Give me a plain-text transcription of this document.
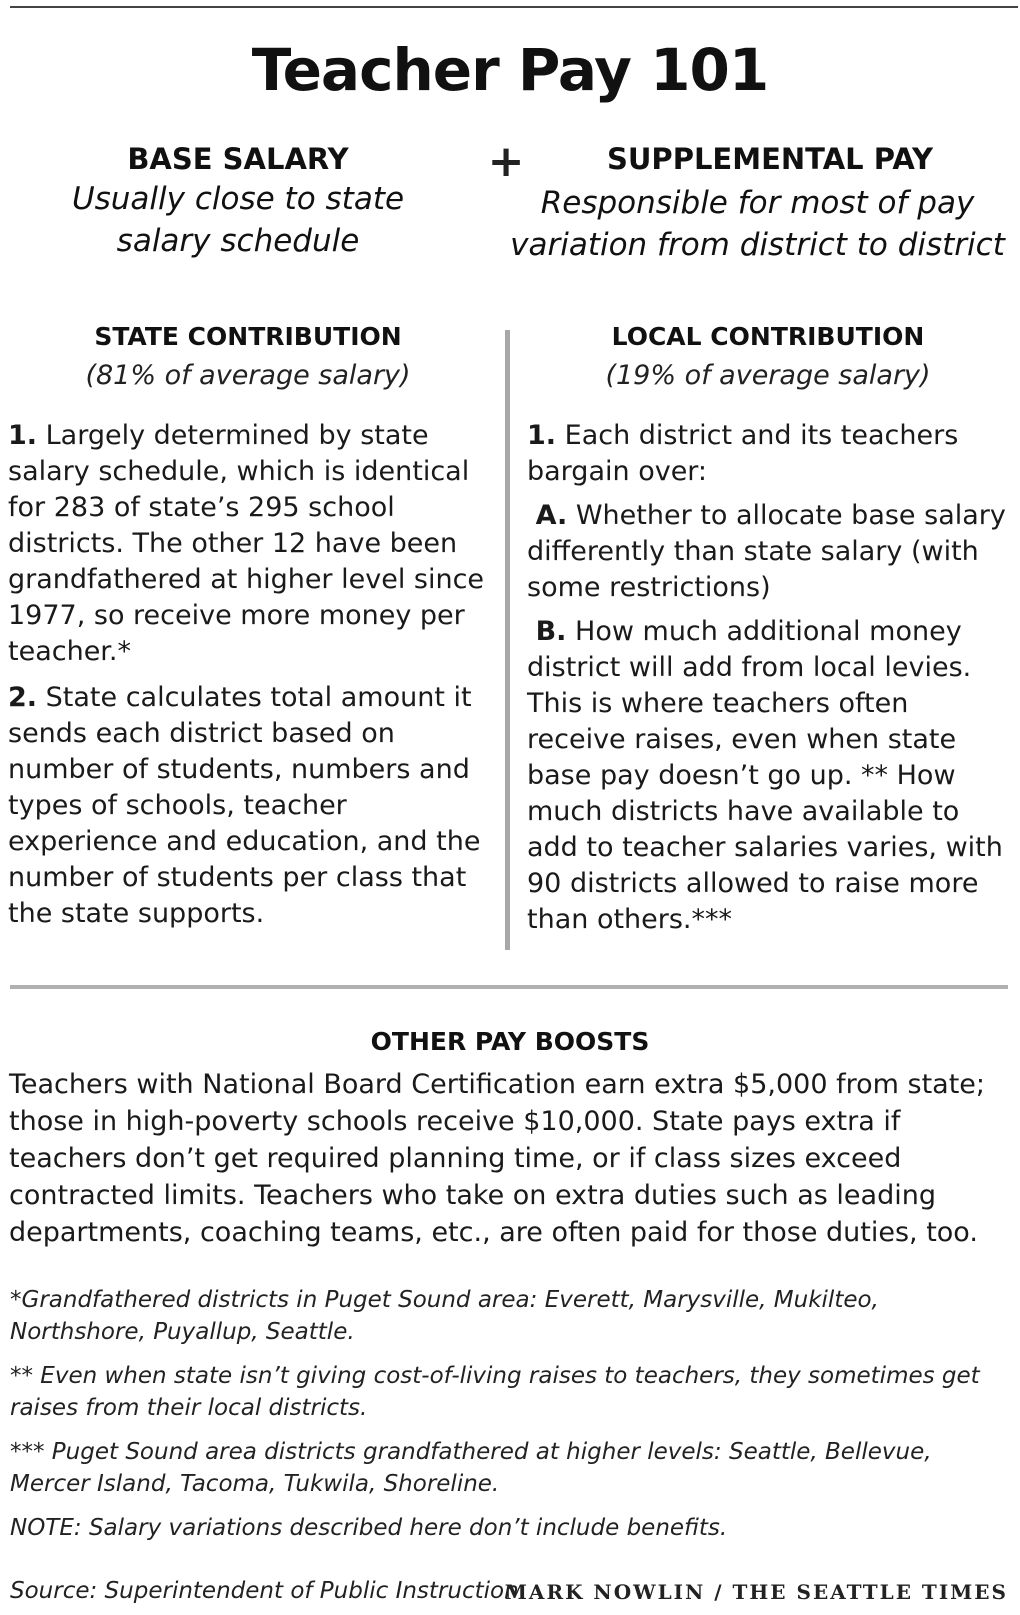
Teacher Pay 101
BASE SALARY
Usually close to state
salary schedule
+	SUPPLEMENTAL PAY
Responsible for most of pay
variation from district to district
STATE CONTRIBUTION
(81% of average salary)
1. Largely determined by state salary schedule, which is identical for 283 of state’s 295 school districts. The other 12 have been grandfathered at higher level since 1977, so receive more money per teacher.*
2. State calculates total amount it sends each district based on number of students, numbers and types of schools, teacher experience and education, and the number of students per class that the state supports.
LOCAL CONTRIBUTION
(19% of average salary)
1. Each district and its teachers bargain over:
A. Whether to allocate base salary differently than state salary (with some restrictions)
B. How much additional money district will add from local levies. This is where teachers often receive raises, even when state base pay doesn’t go up. ** How much districts have available to add to teacher salaries varies, with 90 districts allowed to raise more than others.***
OTHER PAY BOOSTS
Teachers with National Board Certification earn extra $5,000 from state; those in high-poverty schools receive $10,000. State pays extra if teachers don’t get required planning time, or if class sizes exceed contracted limits. Teachers who take on extra duties such as leading departments, coaching teams, etc., are often paid for those duties, too.
*Grandfathered districts in Puget Sound area: Everett, Marysville, Mukilteo, Northshore, Puyallup, Seattle.
** Even when state isn’t giving cost-of-living raises to teachers, they sometimes get raises from their local districts.
*** Puget Sound area districts grandfathered at higher levels: Seattle, Bellevue, Mercer Island, Tacoma, Tukwila, Shoreline.
NOTE: Salary variations described here don’t include benefits.
Source: Superintendent of Public Instruction
MARK NOWLIN / THE SEATTLE TIMES
